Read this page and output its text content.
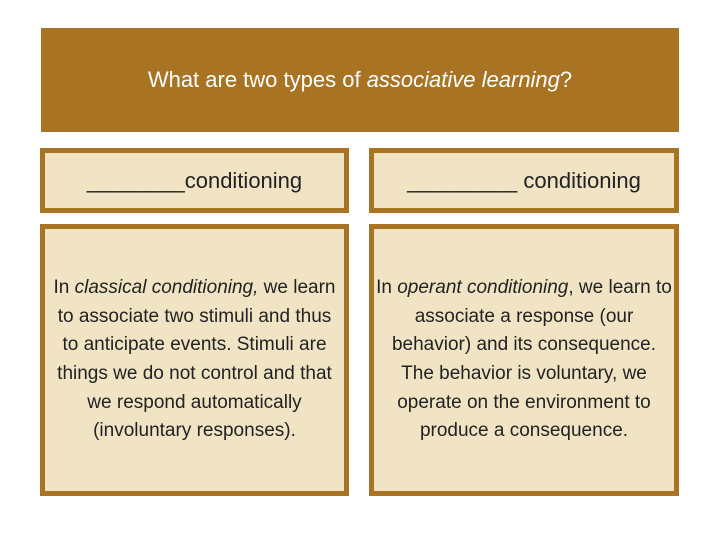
What are two types of associative learning?
________conditioning	_________ conditioning
In classical conditioning, we learn to associate two stimuli and thus to anticipate events. Stimuli are things we do not control and that we respond automatically (involuntary responses).
In operant conditioning, we learn to associate a response (our behavior) and its consequence. The behavior is voluntary, we operate on the environment to produce a consequence.
